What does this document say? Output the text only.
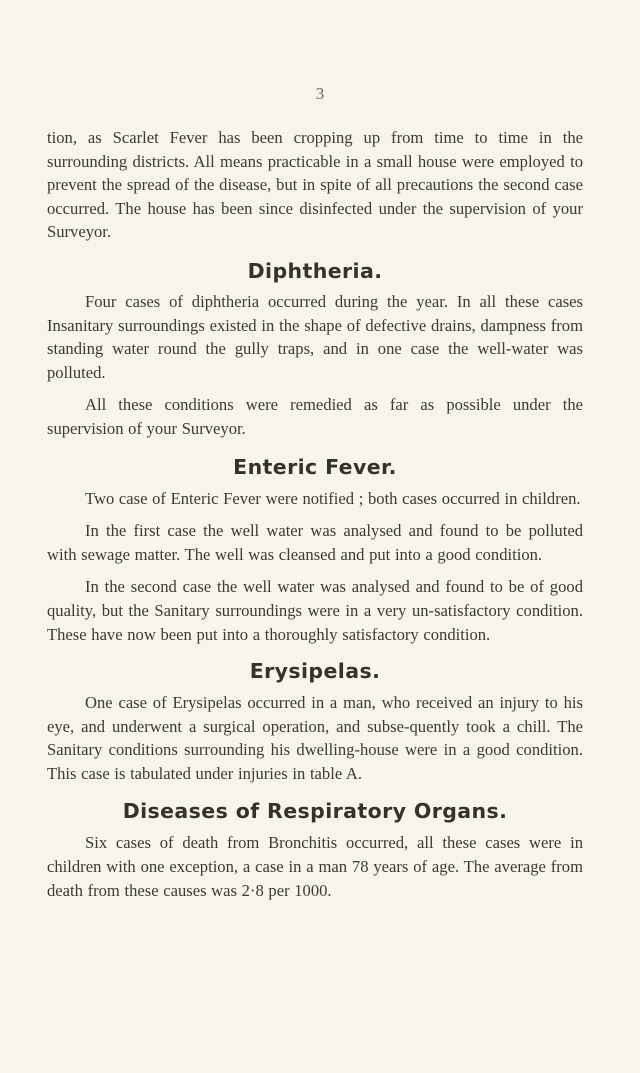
3

tion, as Scarlet Fever has been cropping up from time to time in the surrounding districts. All means practicable in a small house were employed to prevent the spread of the disease, but in spite of all precautions the second case occurred. The house has been since disinfected under the supervision of your Surveyor.

Diphtheria.

Four cases of diphtheria occurred during the year. In all these cases Insanitary surroundings existed in the shape of defective drains, dampness from standing water round the gully traps, and in one case the well-water was polluted.

All these conditions were remedied as far as possible under the supervision of your Surveyor.

Enteric Fever.

Two case of Enteric Fever were notified ; both cases occurred in children.

In the first case the well water was analysed and found to be polluted with sewage matter. The well was cleansed and put into a good condition.

In the second case the well water was analysed and found to be of good quality, but the Sanitary surroundings were in a very un-satisfactory condition. These have now been put into a thoroughly satisfactory condition.

Erysipelas.

One case of Erysipelas occurred in a man, who received an injury to his eye, and underwent a surgical operation, and subse-quently took a chill. The Sanitary conditions surrounding his dwelling-house were in a good condition. This case is tabulated under injuries in table A.

Diseases of Respiratory Organs.

Six cases of death from Bronchitis occurred, all these cases were in children with one exception, a case in a man 78 years of age. The average from death from these causes was 2·8 per 1000.
